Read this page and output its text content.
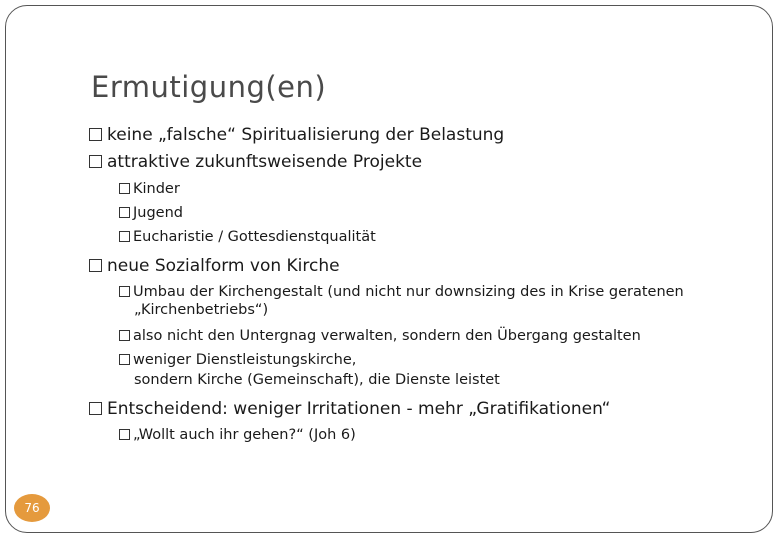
Ermutigung(en)
keine „falsche“ Spiritualisierung der Belastung
attraktive zukunftsweisende Projekte
Kinder
Jugend
Eucharistie / Gottesdienstqualität
neue Sozialform von Kirche
Umbau der Kirchengestalt (und nicht nur downsizing des in Krise geratenen
„Kirchenbetriebs“)
also nicht den Untergnag verwalten, sondern den Übergang gestalten
weniger Dienstleistungskirche,
sondern Kirche (Gemeinschaft), die Dienste leistet
Entscheidend: weniger Irritationen - mehr „Gratifikationen“
„Wollt auch ihr gehen?“ (Joh 6)
76
